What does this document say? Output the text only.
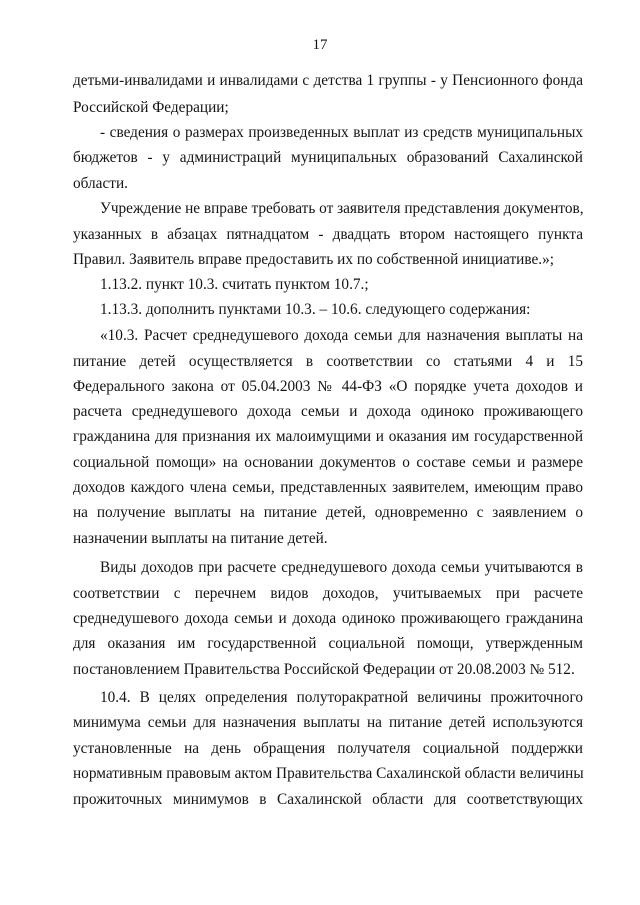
17
детьми-инвалидами и инвалидами с детства 1 группы - у Пенсионного фонда
Российской Федерации;
- сведения о размерах произведенных выплат из средств муниципальных
бюджетов - у администраций муниципальных образований Сахалинской
области.
Учреждение не вправе требовать от заявителя представления документов,
указанных в абзацах пятнадцатом - двадцать втором настоящего пункта
Правил. Заявитель вправе предоставить их по собственной инициативе.»;
1.13.2. пункт 10.3. считать пунктом 10.7.;
1.13.3. дополнить пунктами 10.3. – 10.6. следующего содержания:
«10.3. Расчет среднедушевого дохода семьи для назначения выплаты на
питание детей осуществляется в соответствии со статьями 4 и 15
Федерального закона от 05.04.2003 № 44-ФЗ «О порядке учета доходов и
расчета среднедушевого дохода семьи и дохода одиноко проживающего
гражданина для признания их малоимущими и оказания им государственной
социальной помощи» на основании документов о составе семьи и размере
доходов каждого члена семьи, представленных заявителем, имеющим право
на получение выплаты на питание детей, одновременно с заявлением о
назначении выплаты на питание детей.
Виды доходов при расчете среднедушевого дохода семьи учитываются в
соответствии с перечнем видов доходов, учитываемых при расчете
среднедушевого дохода семьи и дохода одиноко проживающего гражданина
для оказания им государственной социальной помощи, утвержденным
постановлением Правительства Российской Федерации от 20.08.2003 № 512.
10.4. В целях определения полуторакратной величины прожиточного
минимума семьи для назначения выплаты на питание детей используются
установленные на день обращения получателя социальной поддержки
нормативным правовым актом Правительства Сахалинской области величины
прожиточных минимумов в Сахалинской области для соответствующих
